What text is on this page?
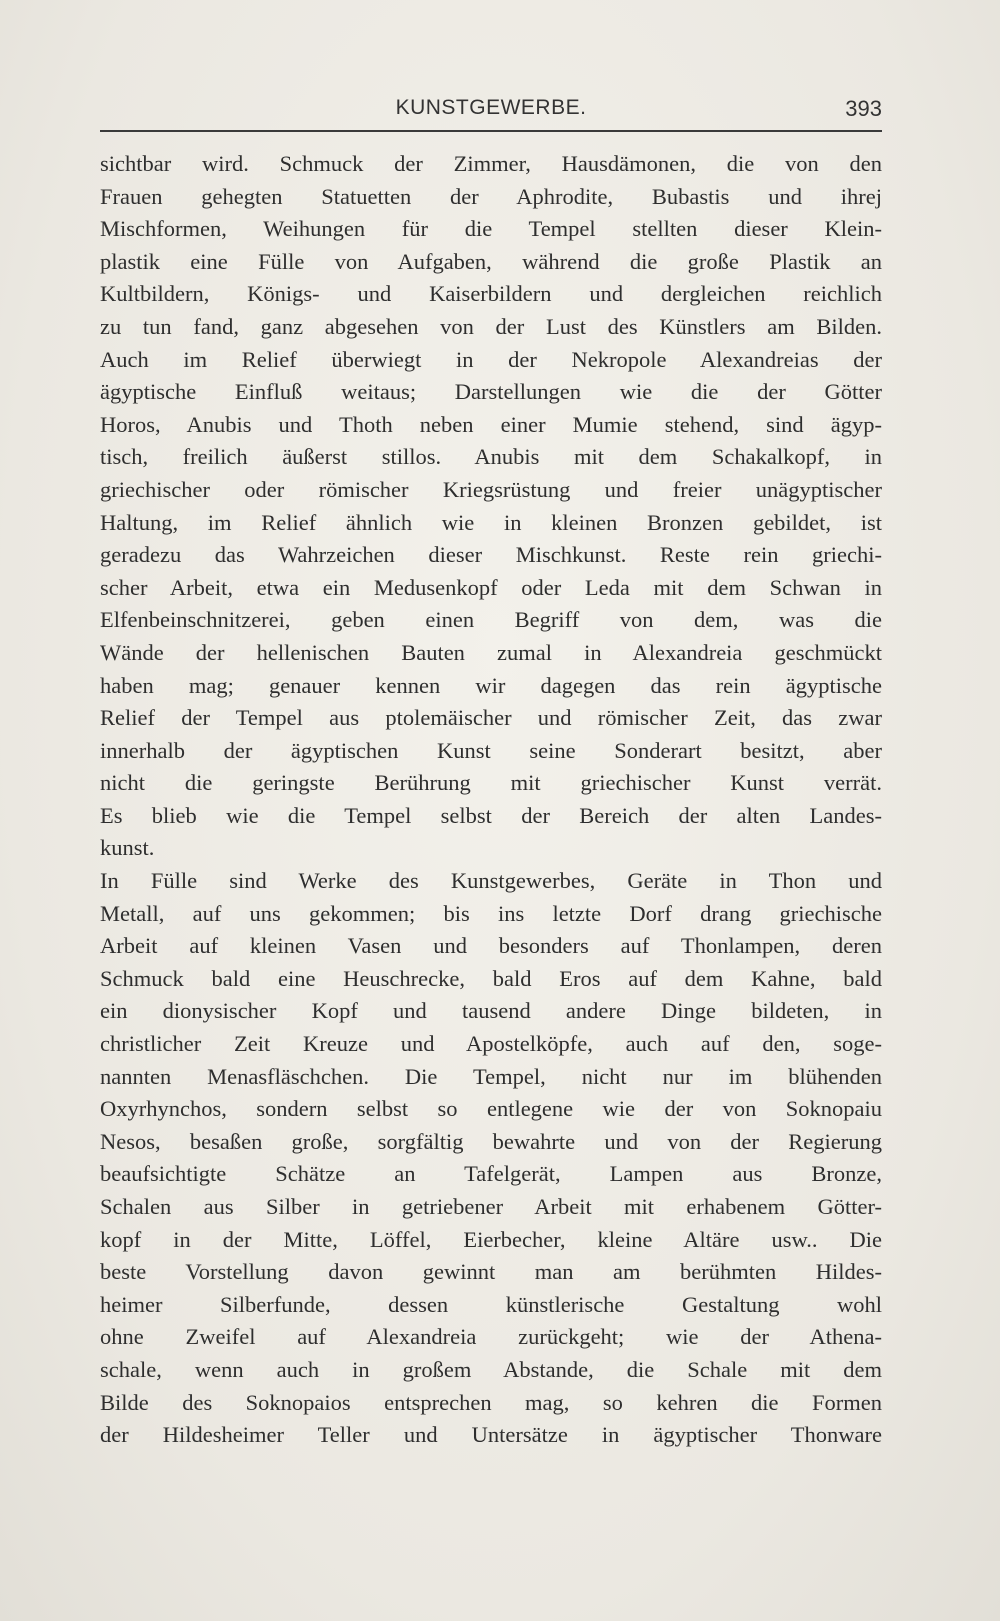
KUNSTGEWERBE.	393
sichtbar wird. Schmuck der Zimmer, Hausdämonen, die von den
Frauen gehegten Statuetten der Aphrodite, Bubastis und ihrej
Mischformen, Weihungen für die Tempel stellten dieser Klein-
plastik eine Fülle von Aufgaben, während die große Plastik an
Kultbildern, Königs- und Kaiserbildern und dergleichen reichlich
zu tun fand, ganz abgesehen von der Lust des Künstlers am Bilden.
Auch im Relief überwiegt in der Nekropole Alexandreias der
ägyptische Einfluß weitaus; Darstellungen wie die der Götter
Horos, Anubis und Thoth neben einer Mumie stehend, sind ägyp-
tisch, freilich äußerst stillos. Anubis mit dem Schakalkopf, in
griechischer oder römischer Kriegsrüstung und freier unägyptischer
Haltung, im Relief ähnlich wie in kleinen Bronzen gebildet, ist
geradezu das Wahrzeichen dieser Mischkunst. Reste rein griechi-
scher Arbeit, etwa ein Medusenkopf oder Leda mit dem Schwan in
Elfenbeinschnitzerei, geben einen Begriff von dem, was die
Wände der hellenischen Bauten zumal in Alexandreia geschmückt
haben mag; genauer kennen wir dagegen das rein ägyptische
Relief der Tempel aus ptolemäischer und römischer Zeit, das zwar
innerhalb der ägyptischen Kunst seine Sonderart besitzt, aber
nicht die geringste Berührung mit griechischer Kunst verrät.
Es blieb wie die Tempel selbst der Bereich der alten Landes-
kunst.
In Fülle sind Werke des Kunstgewerbes, Geräte in Thon und
Metall, auf uns gekommen; bis ins letzte Dorf drang griechische
Arbeit auf kleinen Vasen und besonders auf Thonlampen, deren
Schmuck bald eine Heuschrecke, bald Eros auf dem Kahne, bald
ein dionysischer Kopf und tausend andere Dinge bildeten, in
christlicher Zeit Kreuze und Apostelköpfe, auch auf den, soge-
nannten Menasfläschchen. Die Tempel, nicht nur im blühenden
Oxyrhynchos, sondern selbst so entlegene wie der von Soknopaiu
Nesos, besaßen große, sorgfältig bewahrte und von der Regierung
beaufsichtigte Schätze an Tafelgerät, Lampen aus Bronze,
Schalen aus Silber in getriebener Arbeit mit erhabenem Götter-
kopf in der Mitte, Löffel, Eierbecher, kleine Altäre usw.. Die
beste Vorstellung davon gewinnt man am berühmten Hildes-
heimer Silberfunde, dessen künstlerische Gestaltung wohl
ohne Zweifel auf Alexandreia zurückgeht; wie der Athena-
schale, wenn auch in großem Abstande, die Schale mit dem
Bilde des Soknopaios entsprechen mag, so kehren die Formen
der Hildesheimer Teller und Untersätze in ägyptischer Thonware
